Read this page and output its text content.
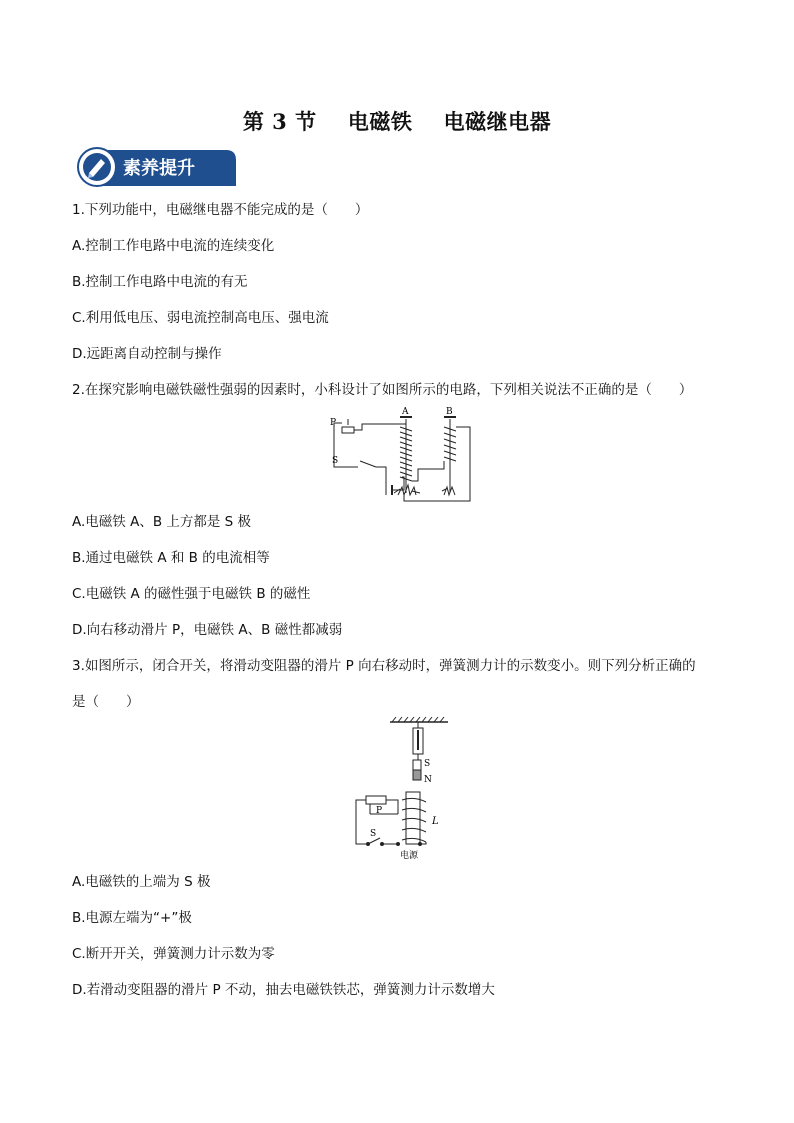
第 3 节    电磁铁    电磁继电器
素养提升
1.下列功能中，电磁继电器不能完成的是（　　）
A.控制工作电路中电流的连续变化
B.控制工作电路中电流的有无
C.利用低电压、弱电流控制高电压、强电流
D.远距离自动控制与操作
2.在探究影响电磁铁磁性强弱的因素时，小科设计了如图所示的电路，下列相关说法不正确的是（　　）
P
S
A	B
A.电磁铁 A、B 上方都是 S 极
B.通过电磁铁 A 和 B 的电流相等
C.电磁铁 A 的磁性强于电磁铁 B 的磁性
D.向右移动滑片 P，电磁铁 A、B 磁性都减弱
3.如图所示，闭合开关，将滑动变阻器的滑片 P 向右移动时，弹簧测力计的示数变小。则下列分析正确的
是（　　）
S
N
P
L
S
电源
A.电磁铁的上端为 S 极
B.电源左端为“+”极
C.断开开关，弹簧测力计示数为零
D.若滑动变阻器的滑片 P 不动，抽去电磁铁铁芯，弹簧测力计示数增大
